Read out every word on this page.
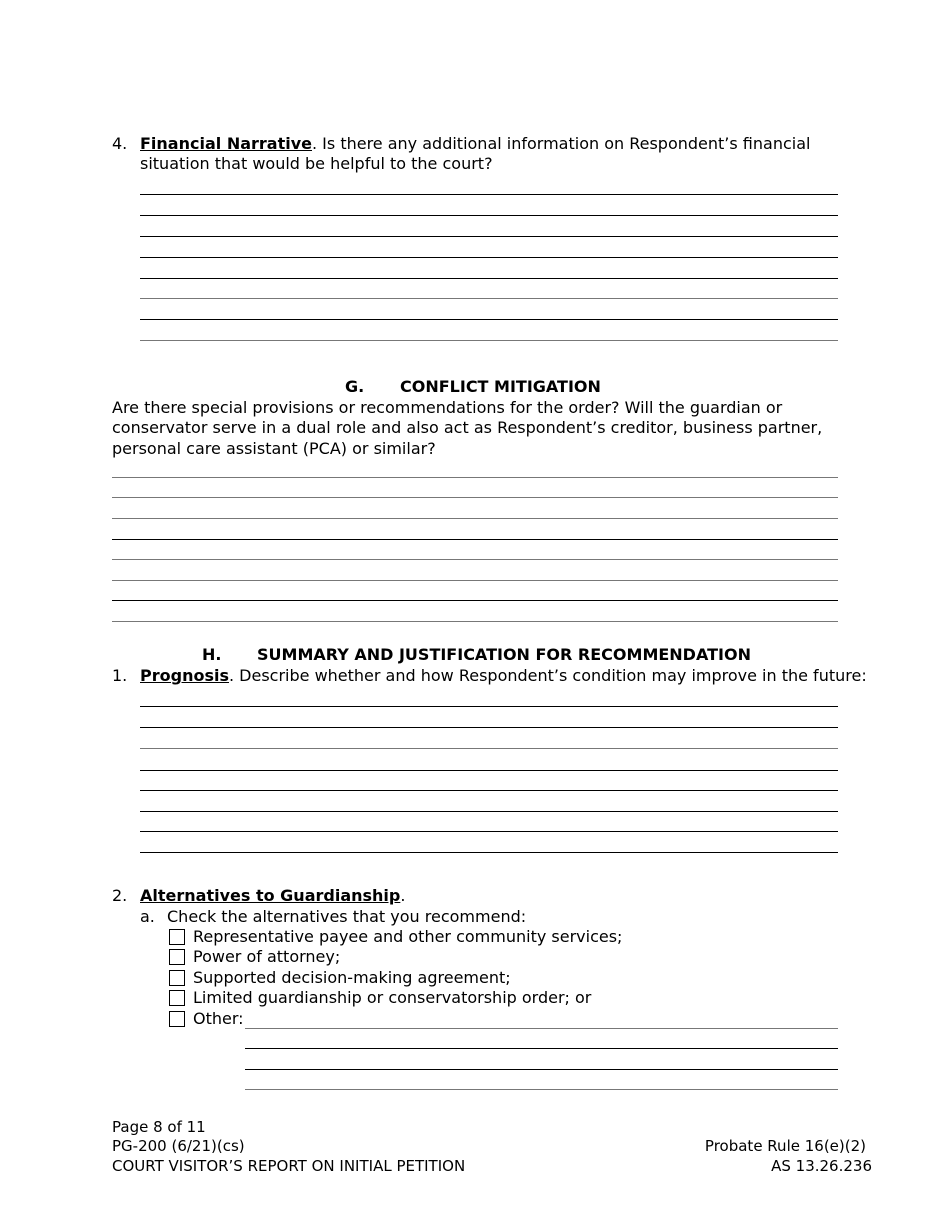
4. Financial Narrative. Is there any additional information on Respondent’s financial
situation that would be helpful to the court?
G. CONFLICT MITIGATION
Are there special provisions or recommendations for the order? Will the guardian or
conservator serve in a dual role and also act as Respondent’s creditor, business partner,
personal care assistant (PCA) or similar?
H. SUMMARY AND JUSTIFICATION FOR RECOMMENDATION
1. Prognosis. Describe whether and how Respondent’s condition may improve in the future:
2. Alternatives to Guardianship.
a. Check the alternatives that you recommend:
Representative payee and other community services;
Power of attorney;
Supported decision-making agreement;
Limited guardianship or conservatorship order; or
Other:
Page 8 of 11
PG-200 (6/21)(cs)
COURT VISITOR’S REPORT ON INITIAL PETITION
Probate Rule 16(e)(2)
AS 13.26.236
